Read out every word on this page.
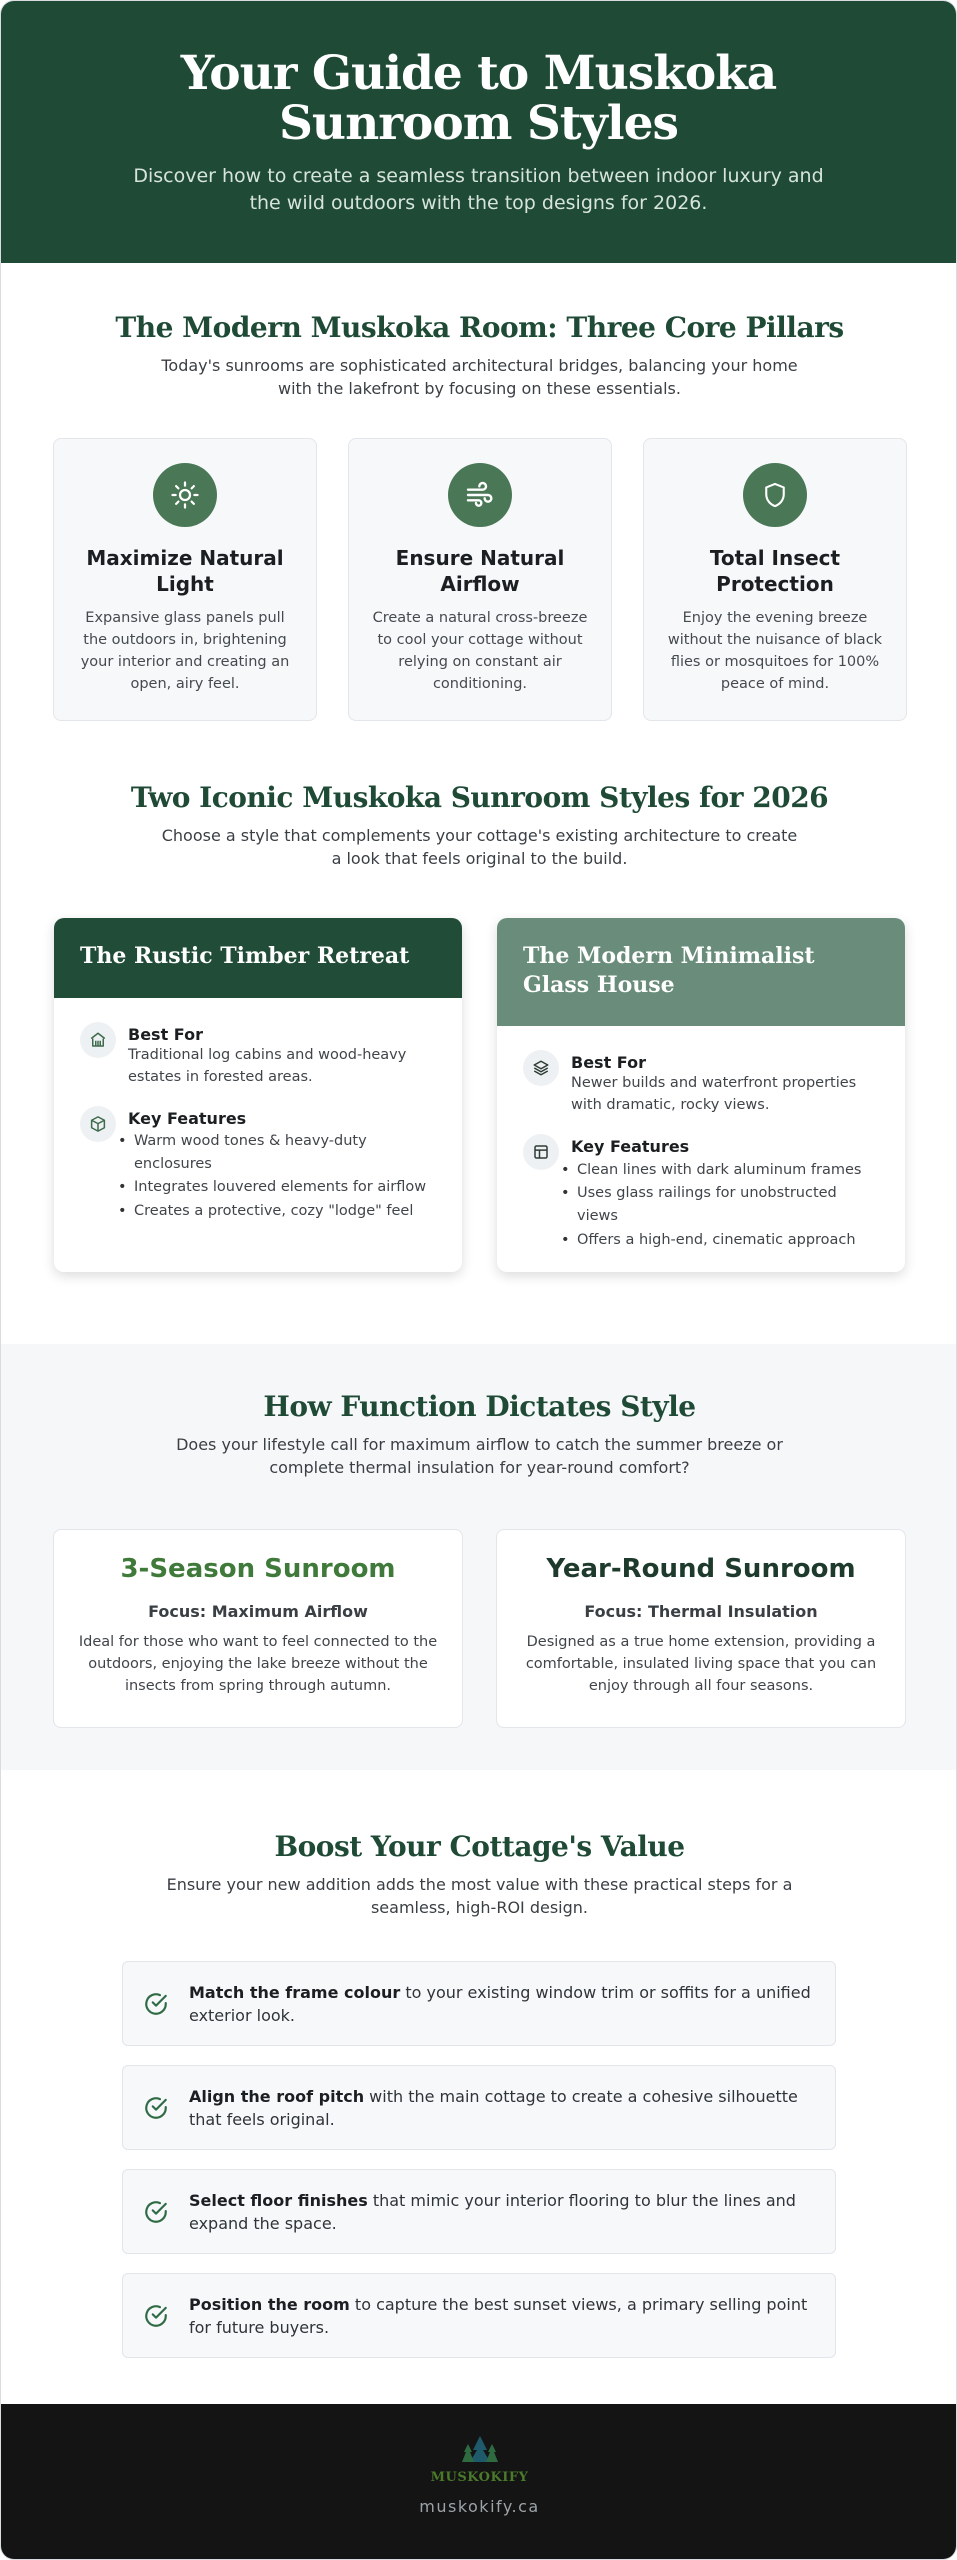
Your Guide to Muskoka Sunroom Styles

Discover how to create a seamless transition between indoor luxury and the wild outdoors with the top designs for 2026.

The Modern Muskoka Room: Three Core Pillars

Today's sunrooms are sophisticated architectural bridges, balancing your home with the lakefront by focusing on these essentials.

Maximize Natural Light

Expansive glass panels pull the outdoors in, brightening your interior and creating an open, airy feel.

Ensure Natural Airflow

Create a natural cross-breeze to cool your cottage without relying on constant air conditioning.

Total Insect Protection

Enjoy the evening breeze without the nuisance of black flies or mosquitoes for 100% peace of mind.

Two Iconic Muskoka Sunroom Styles for 2026

Choose a style that complements your cottage's existing architecture to create a look that feels original to the build.

The Rustic Timber Retreat
Best For
Traditional log cabins and wood-heavy estates in forested areas.
Key Features
• Warm wood tones & heavy-duty enclosures
• Integrates louvered elements for airflow
• Creates a protective, cozy "lodge" feel
The Modern Minimalist Glass House
Best For
Newer builds and waterfront properties with dramatic, rocky views.
Key Features
• Clean lines with dark aluminum frames
• Uses glass railings for unobstructed views
• Offers a high-end, cinematic approach
How Function Dictates Style

Does your lifestyle call for maximum airflow to catch the summer breeze or complete thermal insulation for year-round comfort?

3-Season Sunroom
Focus: Maximum Airflow

Ideal for those who want to feel connected to the outdoors, enjoying the lake breeze without the insects from spring through autumn.

Year-Round Sunroom
Focus: Thermal Insulation

Designed as a true home extension, providing a comfortable, insulated living space that you can enjoy through all four seasons.

Boost Your Cottage's Value

Ensure your new addition adds the most value with these practical steps for a seamless, high-ROI design.

Match the frame colour to your existing window trim or soffits for a unified exterior look.

Align the roof pitch with the main cottage to create a cohesive silhouette that feels original.

Select floor finishes that mimic your interior flooring to blur the lines and expand the space.

Position the room to capture the best sunset views, a primary selling point for future buyers.

MUSKOKIFY
muskokify.ca
